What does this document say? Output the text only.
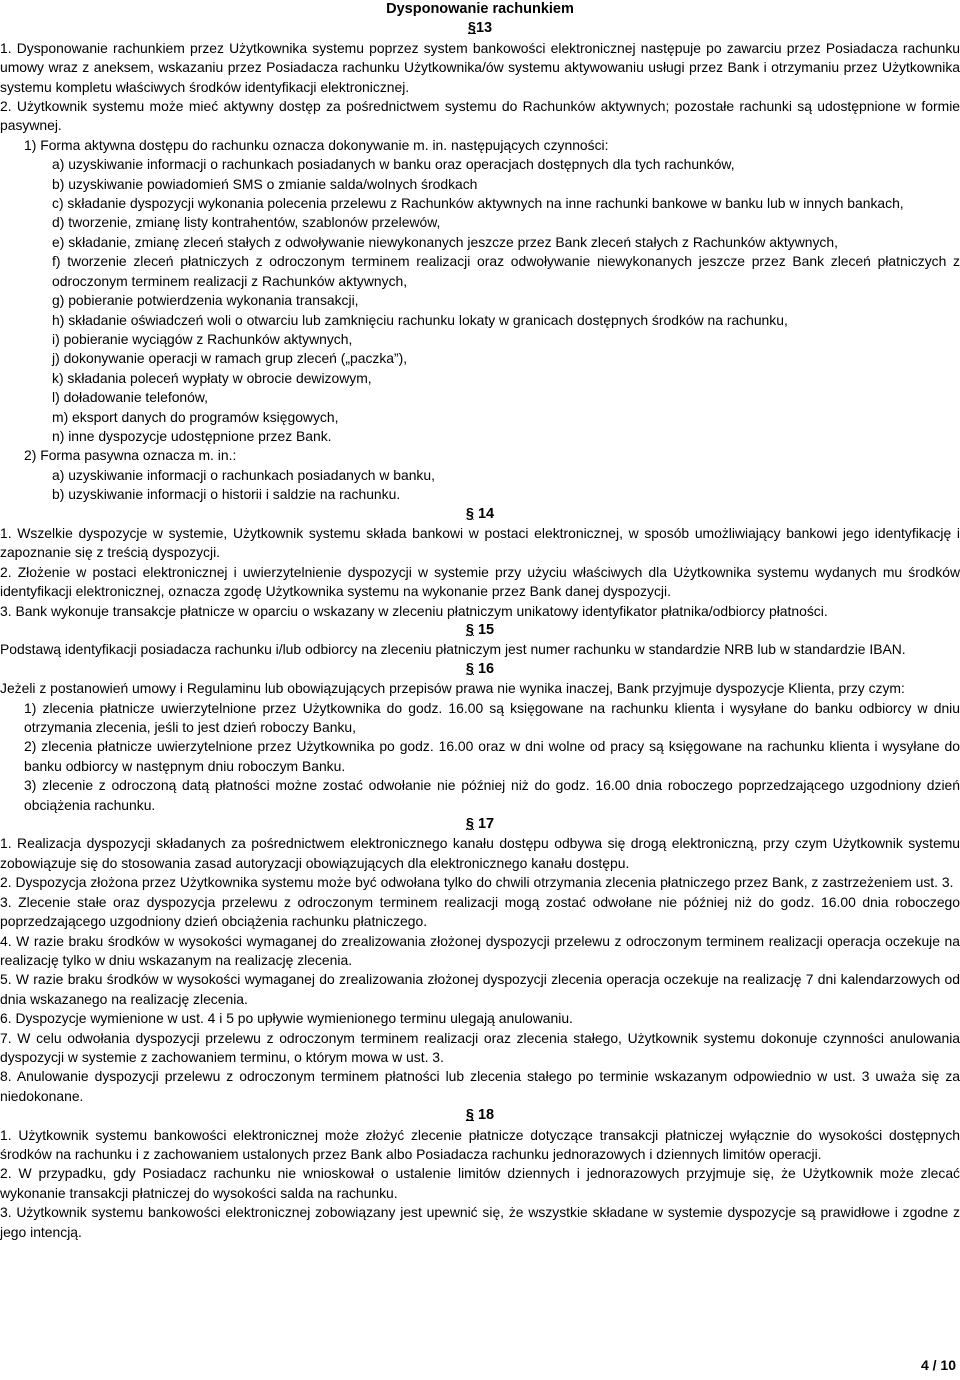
Dysponowanie rachunkiem

§13

1. Dysponowanie rachunkiem przez Użytkownika systemu poprzez system bankowości elektronicznej następuje po zawarciu przez Posiadacza rachunku umowy wraz z aneksem, wskazaniu przez Posiadacza rachunku Użytkownika/ów systemu aktywowaniu usługi przez Bank i otrzymaniu przez Użytkownika systemu kompletu właściwych środków identyfikacji elektronicznej.

2. Użytkownik systemu może mieć aktywny dostęp za pośrednictwem systemu do Rachunków aktywnych; pozostałe rachunki są udostępnione w formie pasywnej.

1) Forma aktywna dostępu do rachunku oznacza dokonywanie m. in. następujących czynności:

a) uzyskiwanie informacji o rachunkach posiadanych w banku oraz operacjach dostępnych dla tych rachunków,

b) uzyskiwanie powiadomień SMS o zmianie salda/wolnych środkach

c) składanie dyspozycji wykonania polecenia przelewu z Rachunków aktywnych na inne rachunki bankowe w banku lub w innych bankach,

d) tworzenie, zmianę listy kontrahentów, szablonów przelewów,

e) składanie, zmianę zleceń stałych z odwoływanie niewykonanych jeszcze przez Bank zleceń stałych z Rachunków aktywnych,

f) tworzenie zleceń płatniczych z odroczonym terminem realizacji oraz odwoływanie niewykonanych jeszcze przez Bank zleceń płatniczych z odroczonym terminem realizacji z Rachunków aktywnych,

g) pobieranie potwierdzenia wykonania transakcji,

h) składanie oświadczeń woli o otwarciu lub zamknięciu rachunku lokaty w granicach dostępnych środków na rachunku,

i) pobieranie wyciągów z Rachunków aktywnych,

j) dokonywanie operacji w ramach grup zleceń („paczka”),

k) składania poleceń wypłaty w obrocie dewizowym,

l) doładowanie telefonów,

m) eksport danych do programów księgowych,

n) inne dyspozycje udostępnione przez Bank.

2) Forma pasywna oznacza m. in.:

a) uzyskiwanie informacji o rachunkach posiadanych w banku,

b) uzyskiwanie informacji o historii i saldzie na rachunku.

§ 14

1. Wszelkie dyspozycje w systemie, Użytkownik systemu składa bankowi w postaci elektronicznej, w sposób umożliwiający bankowi jego identyfikację i zapoznanie się z treścią dyspozycji.

2. Złożenie w postaci elektronicznej i uwierzytelnienie dyspozycji w systemie przy użyciu właściwych dla Użytkownika systemu wydanych mu środków identyfikacji elektronicznej, oznacza zgodę Użytkownika systemu na wykonanie przez Bank danej dyspozycji.

3. Bank wykonuje transakcje płatnicze w oparciu o wskazany w zleceniu płatniczym unikatowy identyfikator płatnika/odbiorcy płatności.

§ 15

Podstawą identyfikacji posiadacza rachunku i/lub odbiorcy na zleceniu płatniczym jest numer rachunku w standardzie NRB lub w standardzie IBAN.

§ 16

Jeżeli z postanowień umowy i Regulaminu lub obowiązujących przepisów prawa nie wynika inaczej, Bank przyjmuje dyspozycje Klienta, przy czym:

1) zlecenia płatnicze uwierzytelnione przez Użytkownika do godz. 16.00 są księgowane na rachunku klienta i wysyłane do banku odbiorcy w dniu otrzymania zlecenia, jeśli to jest dzień roboczy Banku,

2) zlecenia płatnicze uwierzytelnione przez Użytkownika po godz. 16.00 oraz w dni wolne od pracy są księgowane na rachunku klienta i wysyłane do banku odbiorcy w następnym dniu roboczym Banku.

3) zlecenie z odroczoną datą płatności możne zostać odwołanie nie później niż do godz. 16.00 dnia roboczego poprzedzającego uzgodniony dzień obciążenia rachunku.

§ 17

1. Realizacja dyspozycji składanych za pośrednictwem elektronicznego kanału dostępu odbywa się drogą elektroniczną, przy czym Użytkownik systemu zobowiązuje się do stosowania zasad autoryzacji obowiązujących dla elektronicznego kanału dostępu.

2. Dyspozycja złożona przez Użytkownika systemu może być odwołana tylko do chwili otrzymania zlecenia płatniczego przez Bank, z zastrzeżeniem ust. 3.

3. Zlecenie stałe oraz dyspozycja przelewu z odroczonym terminem realizacji mogą zostać odwołane nie później niż do godz. 16.00 dnia roboczego poprzedzającego uzgodniony dzień obciążenia rachunku płatniczego.

4. W razie braku środków w wysokości wymaganej do zrealizowania złożonej dyspozycji przelewu z odroczonym terminem realizacji operacja oczekuje na realizację tylko w dniu wskazanym na realizację zlecenia.

5. W razie braku środków w wysokości wymaganej do zrealizowania złożonej dyspozycji zlecenia operacja oczekuje na realizację 7 dni kalendarzowych od dnia wskazanego na realizację zlecenia.

6. Dyspozycje wymienione w ust. 4 i 5 po upływie wymienionego terminu ulegają anulowaniu.

7. W celu odwołania dyspozycji przelewu z odroczonym terminem realizacji oraz zlecenia stałego, Użytkownik systemu dokonuje czynności anulowania dyspozycji w systemie z zachowaniem terminu, o którym mowa w ust. 3.

8. Anulowanie dyspozycji przelewu z odroczonym terminem płatności lub zlecenia stałego po terminie wskazanym odpowiednio w ust. 3 uważa się za niedokonane.

§ 18

1. Użytkownik systemu bankowości elektronicznej może złożyć zlecenie płatnicze dotyczące transakcji płatniczej wyłącznie do wysokości dostępnych środków na rachunku i z zachowaniem ustalonych przez Bank albo Posiadacza rachunku jednorazowych i dziennych limitów operacji.

2. W przypadku, gdy Posiadacz rachunku nie wnioskował o ustalenie limitów dziennych i jednorazowych przyjmuje się, że Użytkownik może zlecać wykonanie transakcji płatniczej do wysokości salda na rachunku.

3. Użytkownik systemu bankowości elektronicznej zobowiązany jest upewnić się, że wszystkie składane w systemie dyspozycje są prawidłowe i zgodne z jego intencją.

4 / 10
